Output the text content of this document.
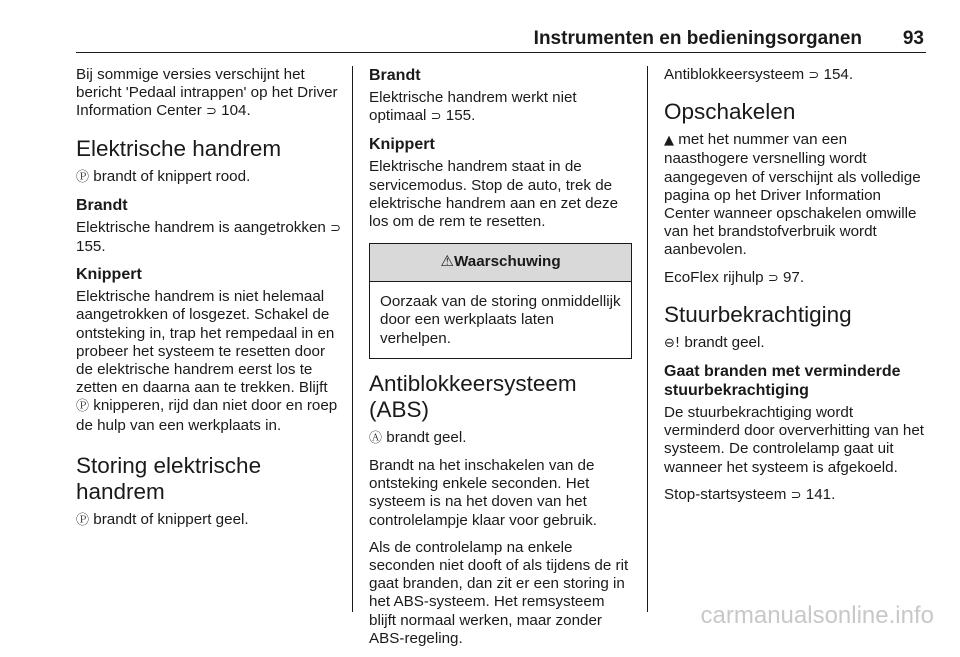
Instrumenten en bedieningsorganen 93

Bij sommige versies verschijnt het bericht 'Pedaal intrappen' op het Driver Information Center ⊃ 104.

Elektrische handrem

Ⓟ brandt of knippert rood.

Brandt

Elektrische handrem is aangetrokken ⊃ 155.

Knippert

Elektrische handrem is niet helemaal aangetrokken of losgezet. Schakel de ontsteking in, trap het rempedaal in en probeer het systeem te resetten door de elektrische handrem eerst los te zetten en daarna aan te trekken. Blijft Ⓟ knipperen, rijd dan niet door en roep de hulp van een werkplaats in.

Storing elektrische handrem

Ⓟ brandt of knippert geel.

Brandt

Elektrische handrem werkt niet optimaal ⊃ 155.

Knippert

Elektrische handrem staat in de servicemodus. Stop de auto, trek de elektrische handrem aan en zet deze los om de rem te resetten.

⚠Waarschuwing
Oorzaak van de storing onmiddellijk door een werkplaats laten verhelpen.
Antiblokkeersysteem (ABS)

Ⓐ brandt geel.

Brandt na het inschakelen van de ontsteking enkele seconden. Het systeem is na het doven van het controlelampje klaar voor gebruik.

Als de controlelamp na enkele seconden niet dooft of als tijdens de rit gaat branden, dan zit er een storing in het ABS-systeem. Het remsysteem blijft normaal werken, maar zonder ABS-regeling.

Antiblokkeersysteem ⊃ 154.

Opschakelen

▲ met het nummer van een naasthogere versnelling wordt aangegeven of verschijnt als volledige pagina op het Driver Information Center wanneer opschakelen omwille van het brandstofverbruik wordt aanbevolen.

EcoFlex rijhulp ⊃ 97.

Stuurbekrachtiging

⊖! brandt geel.

Gaat branden met verminderde stuurbekrachtiging

De stuurbekrachtiging wordt verminderd door oververhitting van het systeem. De controlelamp gaat uit wanneer het systeem is afgekoeld.

Stop-startsysteem ⊃ 141.

carmanualsonline.info
